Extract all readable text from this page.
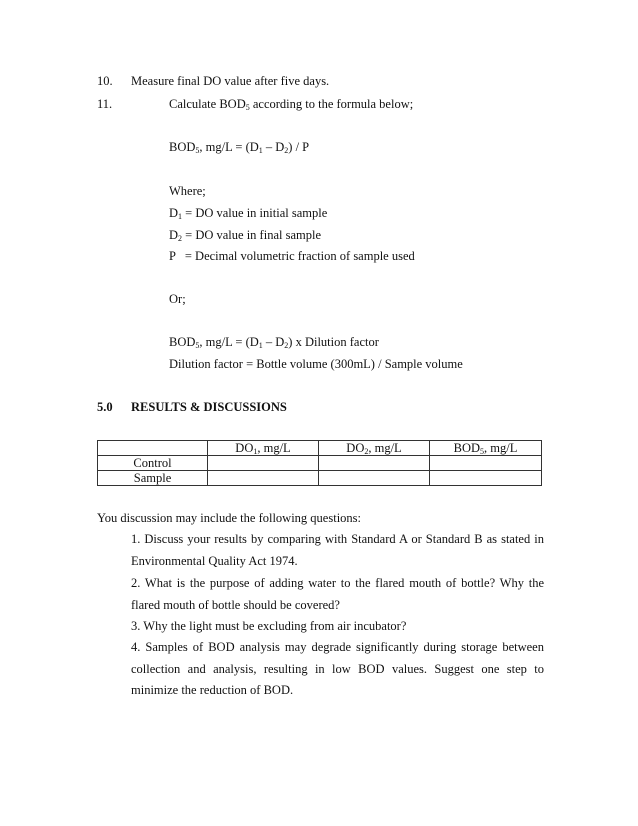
10. Measure final DO value after five days.
11.	Calculate $BOD_5$ according to the formula below;
$BOD_5$, $mg/L = (D_1 - D_2) / P$
Where;
$D_1$ = DO value in initial sample
$D_2$ = DO value in final sample
P   = Decimal volumetric fraction of sample used
Or;
$BOD_5$, $mg/L = (D_1 - D_2)$ x Dilution factor
Dilution factor = Bottle volume (300mL) / Sample volume
5.0 RESULTS & DISCUSSIONS
	$DO_1$, mg/L	$DO_2$, mg/L	$BOD_5$, mg/L
Control			
Sample			
You discussion may include the following questions:
1. Discuss your results by comparing with Standard A or Standard B as stated in Environmental Quality Act 1974.
2. What is the purpose of adding water to the flared mouth of bottle? Why the flared mouth of bottle should be covered?
3. Why the light must be excluding from air incubator?
4. Samples of BOD analysis may degrade significantly during storage between collection and analysis, resulting in low BOD values. Suggest one step to minimize the reduction of BOD.
